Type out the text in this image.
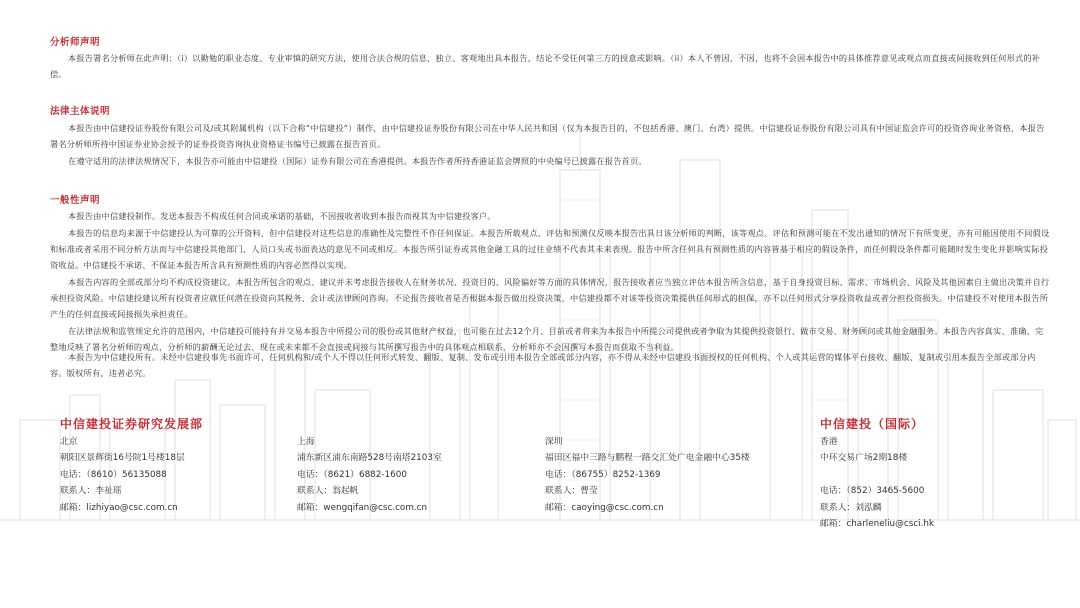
分析师声明
本报告署名分析师在此声明：（i）以勤勉的职业态度、专业审慎的研究方法，使用合法合规的信息，独立、客观地出具本报告，结论不受任何第三方的授意或影响。（ii）本人不曾因，不因，也将不会因本报告中的具体推荐意见或观点而直接或间接收到任何形式的补偿。
法律主体说明
本报告由中信建投证券股份有限公司及/或其附属机构（以下合称“中信建投”）制作，由中信建投证券股份有限公司在中华人民共和国（仅为本报告目的，不包括香港、澳门、台湾）提供。中信建投证券股份有限公司具有中国证监会许可的投资咨询业务资格，本报告署名分析师所持中国证券业协会授予的证券投资咨询执业资格证书编号已披露在报告首页。
在遵守适用的法律法规情况下，本报告亦可能由中信建投（国际）证券有限公司在香港提供。本报告作者所持香港证监会牌照的中央编号已披露在报告首页。
一般性声明
本报告由中信建投制作。发送本报告不构成任何合同或承诺的基础，不因接收者收到本报告而视其为中信建投客户。
本报告的信息均来源于中信建投认为可靠的公开资料，但中信建投对这些信息的准确性及完整性不作任何保证。本报告所载观点、评估和预测仅反映本报告出具日该分析师的判断，该等观点、评估和预测可能在不发出通知的情况下有所变更，亦有可能因使用不同假设和标准或者采用不同分析方法而与中信建投其他部门、人员口头或书面表达的意见不同或相反。本报告所引证券或其他金融工具的过往业绩不代表其未来表现。报告中所含任何具有预测性质的内容皆基于相应的假设条件，而任何假设条件都可能随时发生变化并影响实际投资收益。中信建投不承诺、不保证本报告所含具有预测性质的内容必然得以实现。
本报告内容的全部或部分均不构成投资建议。本报告所包含的观点、建议并未考虑报告接收人在财务状况、投资目的、风险偏好等方面的具体情况，报告接收者应当独立评估本报告所含信息，基于自身投资目标、需求、市场机会、风险及其他因素自主做出决策并自行承担投资风险。中信建投建议所有投资者应就任何潜在投资向其税务、会计或法律顾问咨询。不论报告接收者是否根据本报告做出投资决策，中信建投都不对该等投资决策提供任何形式的担保，亦不以任何形式分享投资收益或者分担投资损失。中信建投不对使用本报告所产生的任何直接或间接损失承担责任。
在法律法规和监管规定允许的范围内，中信建投可能持有并交易本报告中所提公司的股份或其他财产权益，也可能在过去12个月、目前或者将来为本报告中所提公司提供或者争取为其提供投资银行、做市交易、财务顾问或其他金融服务。本报告内容真实、准确、完整地反映了署名分析师的观点，分析师的薪酬无论过去、现在或未来都不会直接或间接与其所撰写报告中的具体观点相联系，分析师亦不会因撰写本报告而获取不当利益。
本报告为中信建投所有。未经中信建投事先书面许可，任何机构和/或个人不得以任何形式转发、翻版、复制、发布或引用本报告全部或部分内容，亦不得从未经中信建投书面授权的任何机构、个人或其运营的媒体平台接收、翻版、复制或引用本报告全部或部分内容。版权所有，违者必究。
中信建投证券研究发展部	中信建投（国际）
北京
朝阳区景辉街16号院1号楼18层
电话：（8610）56135088
联系人：李祉瑶
邮箱：lizhiyao@csc.com.cn
上海
浦东新区浦东南路528号南塔2103室
电话：（8621）6882-1600
联系人：翁起帆
邮箱：wengqifan@csc.com.cn
深圳
福田区福中三路与鹏程一路交汇处广电金融中心35楼
电话：（86755）8252-1369
联系人：曹莹
邮箱：caoying@csc.com.cn
香港
中环交易广场2期18楼
电话：（852）3465-5600
联系人：刘泓麟
邮箱：charleneliu@csci.hk
